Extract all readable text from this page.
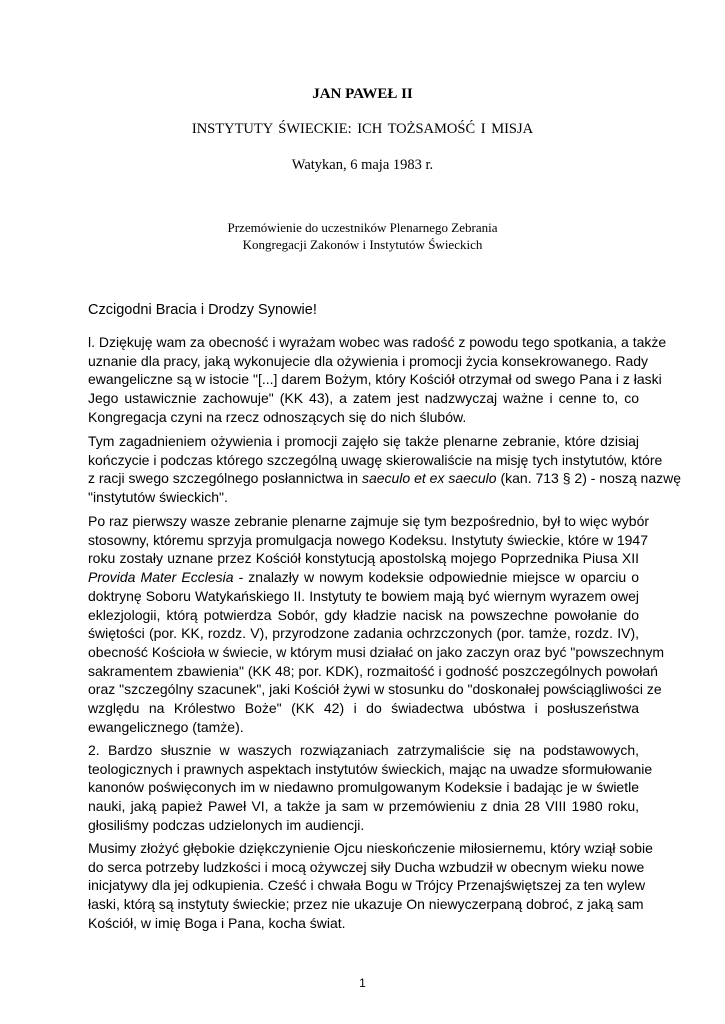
JAN PAWEŁ II
INSTYTUTY ŚWIECKIE: ICH TOŻSAMOŚĆ I MISJA
Watykan, 6 maja 1983 r.
Przemówienie do uczestników Plenarnego Zebrania
Kongregacji Zakonów i Instytutów Świeckich
Czcigodni Bracia i Drodzy Synowie!
l. Dziękuję wam za obecność i wyrażam wobec was radość z powodu tego spotkania, a także
uznanie dla pracy, jaką wykonujecie dla ożywienia i promocji życia konsekrowanego. Rady
ewangeliczne są w istocie "[...] darem Bożym, który Kościół otrzymał od swego Pana i z łaski
Jego ustawicznie zachowuje" (KK 43), a zatem jest nadzwyczaj ważne i cenne to, co
Kongregacja czyni na rzecz odnoszących się do nich ślubów.
Tym zagadnieniem ożywienia i promocji zajęło się także plenarne zebranie, które dzisiaj
kończycie i podczas którego szczególną uwagę skierowaliście na misję tych instytutów, które
z racji swego szczególnego posłannictwa in saeculo et ex saeculo (kan. 713 § 2) - noszą nazwę
"instytutów świeckich".
Po raz pierwszy wasze zebranie plenarne zajmuje się tym bezpośrednio, był to więc wybór
stosowny, któremu sprzyja promulgacja nowego Kodeksu. Instytuty świeckie, które w 1947
roku zostały uznane przez Kościół konstytucją apostolską mojego Poprzednika Piusa XII
Provida Mater Ecclesia - znalazły w nowym kodeksie odpowiednie miejsce w oparciu o
doktrynę Soboru Watykańskiego II. Instytuty te bowiem mają być wiernym wyrazem owej
eklezjologii, którą potwierdza Sobór, gdy kładzie nacisk na powszechne powołanie do
świętości (por. KK, rozdz. V), przyrodzone zadania ochrzczonych (por. tamże, rozdz. IV),
obecność Kościoła w świecie, w którym musi działać on jako zaczyn oraz być "powszechnym
sakramentem zbawienia" (KK 48; por. KDK), rozmaitość i godność poszczególnych powołań
oraz "szczególny szacunek", jaki Kościół żywi w stosunku do "doskonałej powściągliwości ze
względu na Królestwo Boże" (KK 42) i do świadectwa ubóstwa i posłuszeństwa
ewangelicznego (tamże).
2. Bardzo słusznie w waszych rozwiązaniach zatrzymaliście się na podstawowych,
teologicznych i prawnych aspektach instytutów świeckich, mając na uwadze sformułowanie
kanonów poświęconych im w niedawno promulgowanym Kodeksie i badając je w świetle
nauki, jaką papież Paweł VI, a także ja sam w przemówieniu z dnia 28 VIII 1980 roku,
głosiliśmy podczas udzielonych im audiencji.
Musimy złożyć głębokie dziękczynienie Ojcu nieskończenie miłosiernemu, który wziął sobie
do serca potrzeby ludzkości i mocą ożywczej siły Ducha wzbudził w obecnym wieku nowe
inicjatywy dla jej odkupienia. Cześć i chwała Bogu w Trójcy Przenajświętszej za ten wylew
łaski, którą są instytuty świeckie; przez nie ukazuje On niewyczerpaną dobroć, z jaką sam
Kościół, w imię Boga i Pana, kocha świat.
1
